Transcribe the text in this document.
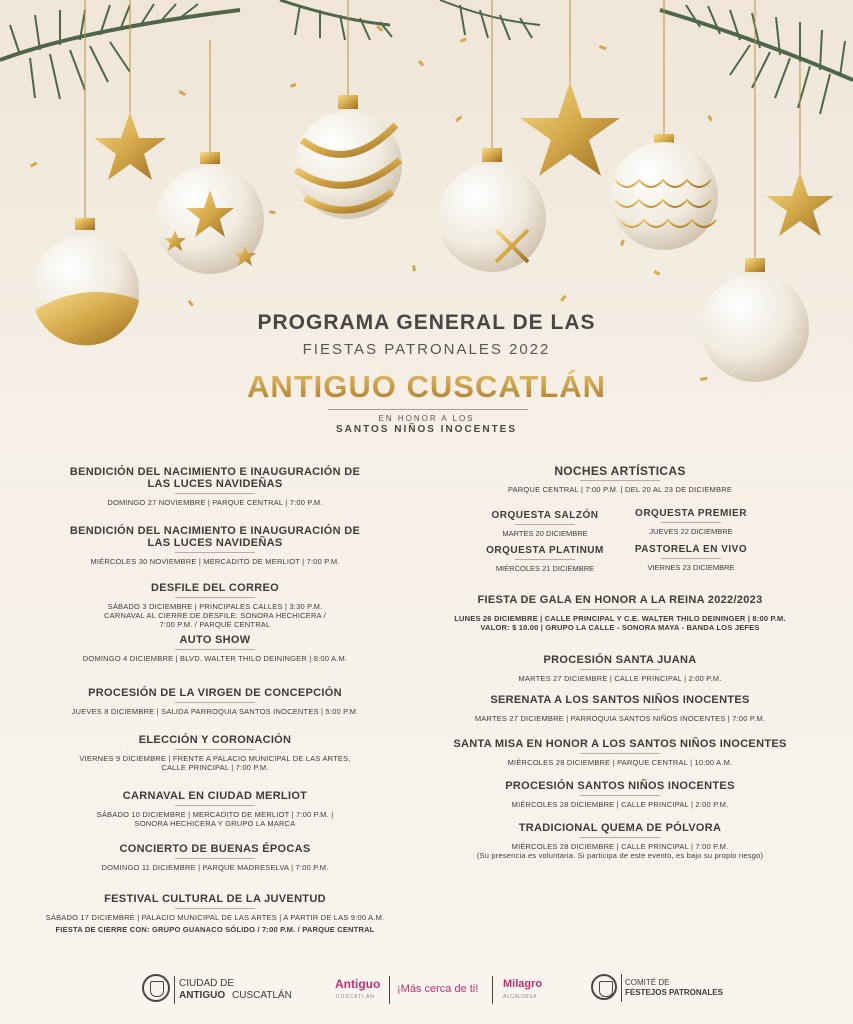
PROGRAMA GENERAL DE LAS
FIESTAS PATRONALES 2022
ANTIGUO CUSCATLÁN
EN HONOR A LOS
SANTOS NIÑOS INOCENTES
BENDICIÓN DEL NACIMIENTO E INAUGURACIÓN DE LAS LUCES NAVIDEÑAS

DOMINGO 27 NOVIEMBRE | PARQUE CENTRAL | 7:00 P.M.

BENDICIÓN DEL NACIMIENTO E INAUGURACIÓN DE LAS LUCES NAVIDEÑAS

MIÉRCOLES 30 NOVIEMBRE | MERCADITO DE MERLIOT | 7:00 P.M.

DESFILE DEL CORREO

SÁBADO 3 DICIEMBRE | PRINCIPALES CALLES | 3:30 P.M.

CARNAVAL AL CIERRE DE DESFILE: SONORA HECHICERA /

7:00 P.M. / PARQUE CENTRAL

AUTO SHOW

DOMINGO 4 DICIEMBRE | BLVD. WALTER THILO DEININGER | 8:00 A.M.

PROCESIÓN DE LA VIRGEN DE CONCEPCIÓN

JUEVES 8 DICIEMBRE | SALIDA PARROQUIA SANTOS INOCENTES | 5:00 P.M.

ELECCIÓN Y CORONACIÓN

VIERNES 9 DICIEMBRE | FRENTE A PALACIO MUNICIPAL DE LAS ARTES,

CALLE PRINCIPAL | 7:00 P.M.

CARNAVAL EN CIUDAD MERLIOT

SÁBADO 10 DICIEMBRE | MERCADITO DE MERLIOT | 7:00 P.M. |

SONORA HECHICERA Y GRUPO LA MARCA

CONCIERTO DE BUENAS ÉPOCAS

DOMINGO 11 DICIEMBRE | PARQUE MADRESELVA | 7:00 P.M.

FESTIVAL CULTURAL DE LA JUVENTUD

SÁBADO 17 DICIEMBRE | PALACIO MUNICIPAL DE LAS ARTES | A PARTIR DE LAS 9:00 A.M.

FIESTA DE CIERRE CON: GRUPO GUANACO SÓLIDO / 7:00 P.M. / PARQUE CENTRAL

NOCHES ARTÍSTICAS

PARQUE CENTRAL | 7:00 P.M. | DEL 20 AL 23 DE DICIEMBRE

ORQUESTA SALZÓN

MARTES 20 DICIEMBRE

ORQUESTA PREMIER

JUEVES 22 DICIEMBRE

ORQUESTA PLATINUM

MIÉRCOLES 21 DICIEMBRE

PASTORELA EN VIVO

VIERNES 23 DICIEMBRE

FIESTA DE GALA EN HONOR A LA REINA 2022/2023

LUNES 26 DICIEMBRE | CALLE PRINCIPAL Y C.E. WALTER THILO DEININGER | 8:00 P.M.

VALOR: $ 10.00 | GRUPO LA CALLE - SONORA MAYA - BANDA LOS JEFES

PROCESIÓN SANTA JUANA

MARTES 27 DICIEMBRE | CALLE PRINCIPAL | 2:00 P.M.

SERENATA A LOS SANTOS NIÑOS INOCENTES

MARTES 27 DICIEMBRE | PARROQUIA SANTOS NIÑOS INOCENTES | 7:00 P.M.

SANTA MISA EN HONOR A LOS SANTOS NIÑOS INOCENTES

MIÉRCOLES 28 DICIEMBRE | PARQUE CENTRAL | 10:00 A.M.

PROCESIÓN SANTOS NIÑOS INOCENTES

MIÉRCOLES 28 DICIEMBRE | CALLE PRINCIPAL | 2:00 P.M.

TRADICIONAL QUEMA DE PÓLVORA

MIÉRCOLES 28 DICIEMBRE | CALLE PRINCIPAL | 7:00 P.M.

(Su presencia es voluntaria. Si participa de este evento, es bajo su propio riesgo)

CIUDAD DE
ANTIGUO CUSCATLÁN
Antiguo
CUSCATLÁN
¡Más cerca de ti! Milagro
ALCALDESA
COMITÉ DE
FESTEJOS PATRONALES
